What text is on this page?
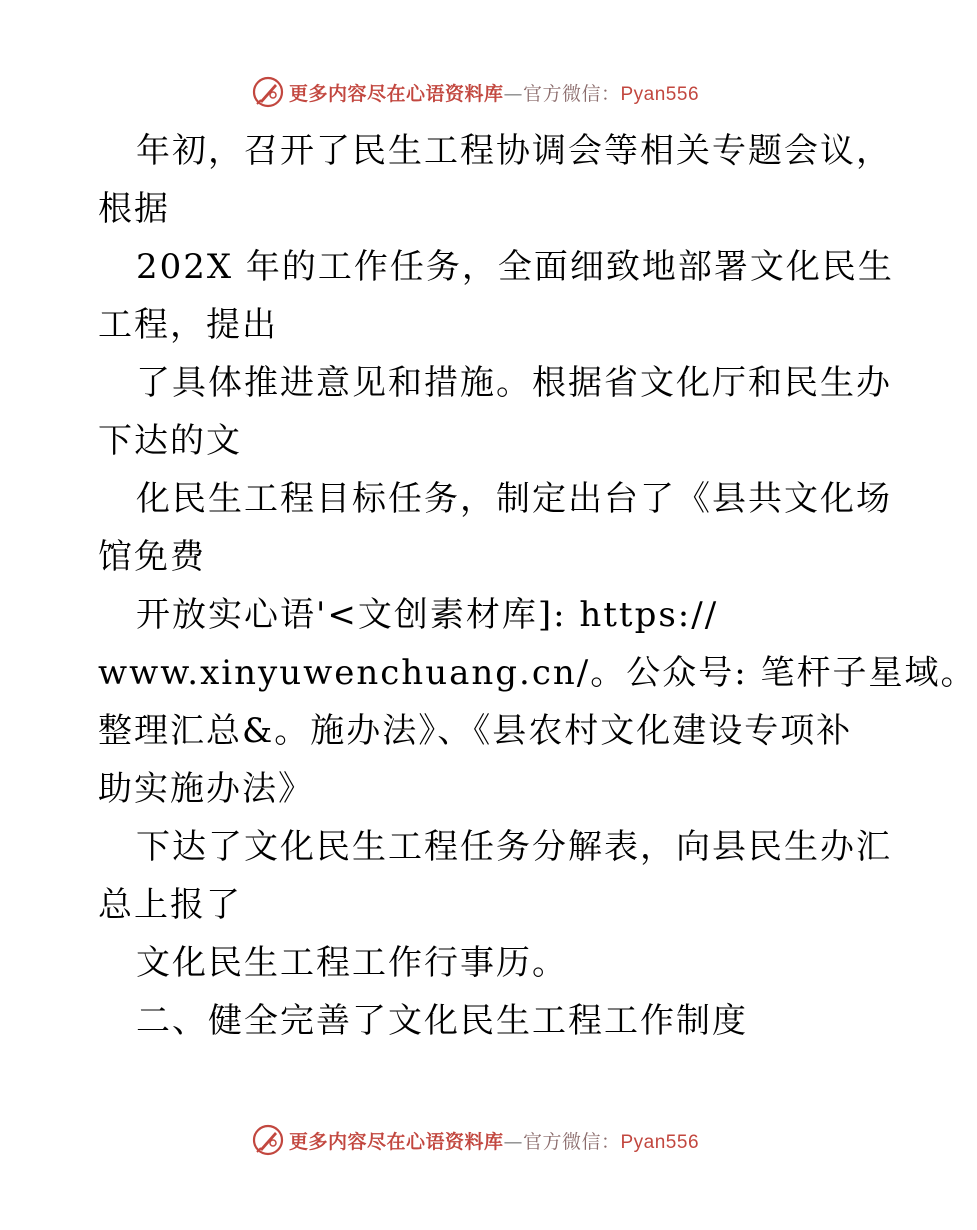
更多内容尽在心语资料库—官方微信：Pyan556
年初，召开了民生工程协调会等相关专题会议，
根据
202X 年的工作任务，全面细致地部署文化民生
工程，提出
了具体推进意见和措施。根据省文化厅和民生办
下达的文
化民生工程目标任务，制定出台了《县共文化场
馆免费
开放实心语'<文创素材库]: https://
www.xinyuwenchuang.cn/。公众号: 笔杆子星域。
整理汇总&。施办法》、《县农村文化建设专项补
助实施办法》
下达了文化民生工程任务分解表，向县民生办汇
总上报了
文化民生工程工作行事历。
二、健全完善了文化民生工程工作制度
更多内容尽在心语资料库—官方微信：Pyan556
